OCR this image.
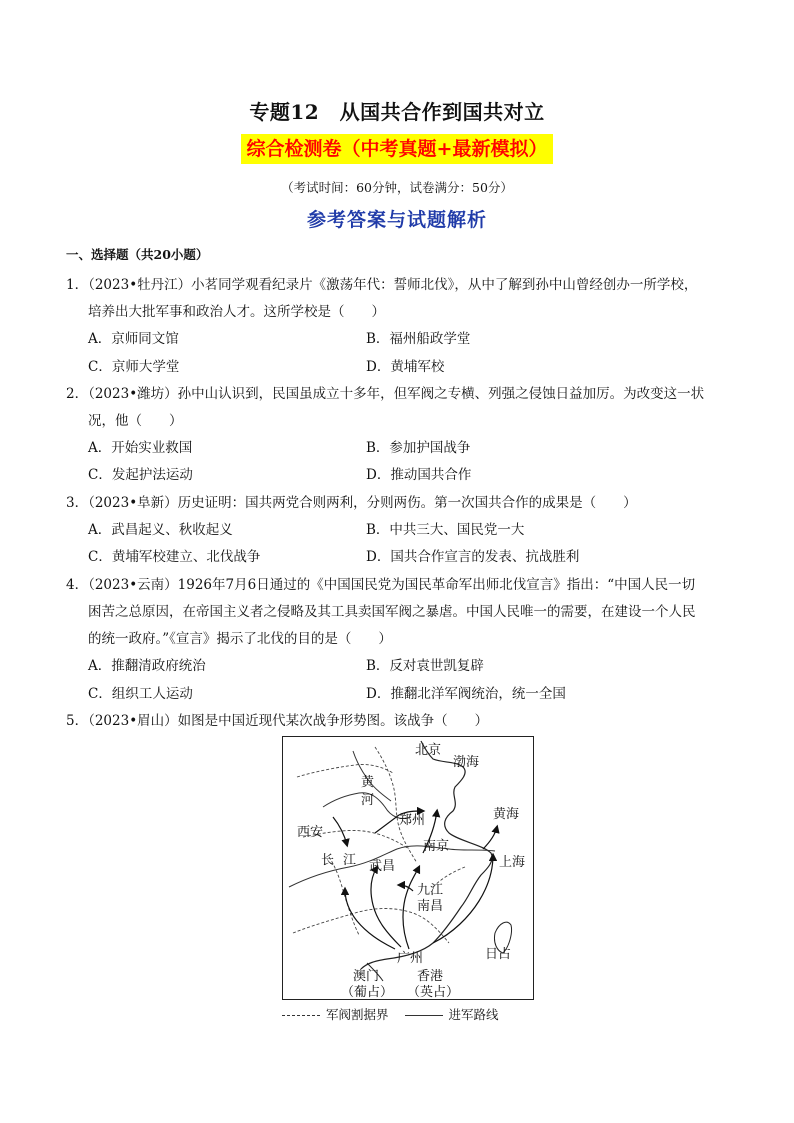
专题12　从国共合作到国共对立
综合检测卷（中考真题+最新模拟）
（考试时间：60分钟，试卷满分：50分）
参考答案与试题解析
一、选择题（共20小题）
1．（2023•牡丹江）小茗同学观看纪录片《激荡年代：誓师北伐》，从中了解到孙中山曾经创办一所学校，
培养出大批军事和政治人才。这所学校是（　　）
A．京师同文馆	B．福州船政学堂
C．京师大学堂	D．黄埔军校
2．（2023•潍坊）孙中山认识到，民国虽成立十多年，但军阀之专横、列强之侵蚀日益加厉。为改变这一状
况，他（　　）
A．开始实业救国	B．参加护国战争
C．发起护法运动	D．推动国共合作
3．（2023•阜新）历史证明：国共两党合则两利，分则两伤。第一次国共合作的成果是（　　）
A．武昌起义、秋收起义	B．中共三大、国民党一大
C．黄埔军校建立、北伐战争	D．国共合作宣言的发表、抗战胜利
4．（2023•云南）1926年7月6日通过的《中国国民党为国民革命军出师北伐宣言》指出：“中国人民一切
困苦之总原因，在帝国主义者之侵略及其工具卖国军阀之暴虐。中国人民唯一的需要，在建设一个人民
的统一政府。”《宣言》揭示了北伐的目的是（　　）
A．推翻清政府统治	B．反对袁世凯复辟
C．组织工人运动	D．推翻北洋军阀统治，统一全国
5．（2023•眉山）如图是中国近现代某次战争形势图。该战争（　　）
北京
渤海
黄
河
郑州	黄海
西安
南京
上海
长 江 武昌
九江
南昌
广州	日占
澳门
（葡占）
香港
（英占）
军阀割据界	进军路线
